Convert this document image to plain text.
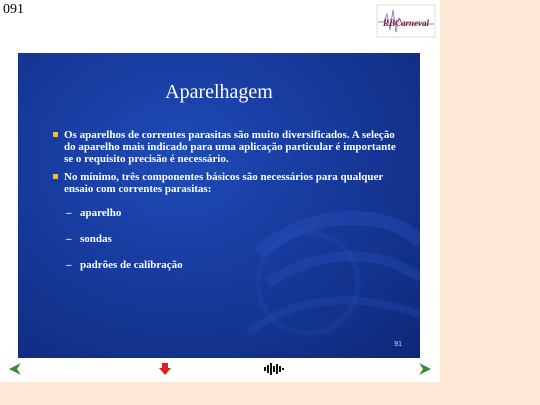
091
RBCarneval
Aparelhagem
Os aparelhos de correntes parasitas são muito diversificados. A seleção do aparelho mais indicado para uma aplicação particular é importante se o requisito precisão é necessário.
No mínimo, três componentes básicos são necessários para qualquer ensaio com correntes parasitas:
– aparelho
– sondas
– padrões de calibração
91
